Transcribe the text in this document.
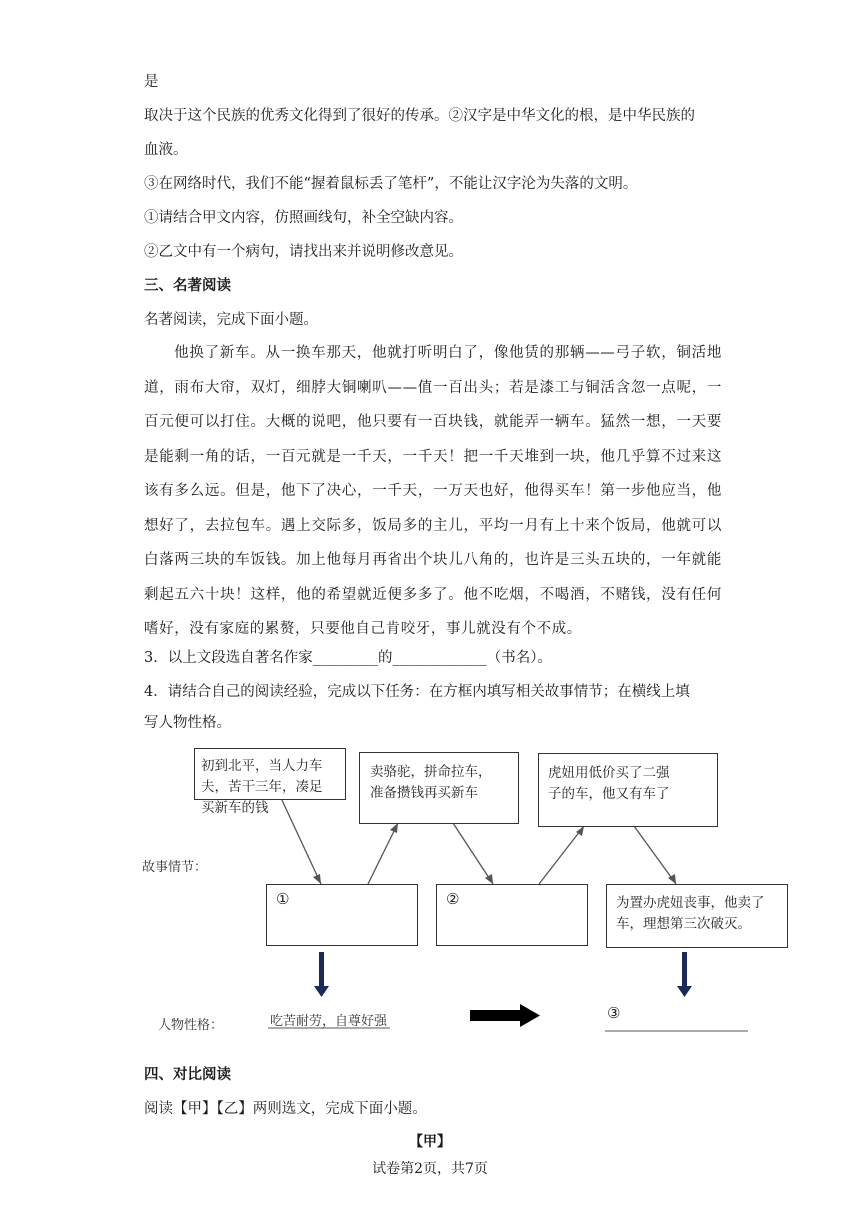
是
取决于这个民族的优秀文化得到了很好的传承。②汉字是中华文化的根，是中华民族的
血液。
③在网络时代，我们不能“握着鼠标丢了笔杆”，不能让汉字沦为失落的文明。
①请结合甲文内容，仿照画线句，补全空缺内容。
②乙文中有一个病句，请找出来并说明修改意见。
三、名著阅读
名著阅读，完成下面小题。
他换了新车。从一换车那天，他就打听明白了，像他赁的那辆——弓子软，铜活地道，雨布大帘，双灯，细脖大铜喇叭——值一百出头；若是漆工与铜活含忽一点呢，一百元便可以打住。大概的说吧，他只要有一百块钱，就能弄一辆车。猛然一想，一天要是能剩一角的话，一百元就是一千天，一千天！把一千天堆到一块，他几乎算不过来这该有多么远。但是，他下了决心，一千天，一万天也好，他得买车！第一步他应当，他想好了，去拉包车。遇上交际多，饭局多的主儿，平均一月有上十来个饭局，他就可以白落两三块的车饭钱。加上他每月再省出个块儿八角的，也许是三头五块的，一年就能剩起五六十块！这样，他的希望就近便多多了。他不吃烟，不喝酒，不赌钱，没有任何嗜好，没有家庭的累赘，只要他自己肯咬牙，事儿就没有个不成。
3．以上文段选自著名作家_________的_____________（书名）。
4．请结合自己的阅读经验，完成以下任务：在方框内填写相关故事情节；在横线上填
写人物性格。
初到北平，当人力车
夫，苦干三年，凑足
买新车的钱
卖骆驼，拼命拉车，
准备攒钱再买新车
虎妞用低价买了二强
子的车，他又有车了
故事情节：
①	②	为置办虎妞丧事，他卖了
车，理想第三次破灭。
人物性格：	吃苦耐劳，自尊好强	③
四、对比阅读
阅读【甲】【乙】两则选文，完成下面小题。
【甲】
试卷第2页，共7页
